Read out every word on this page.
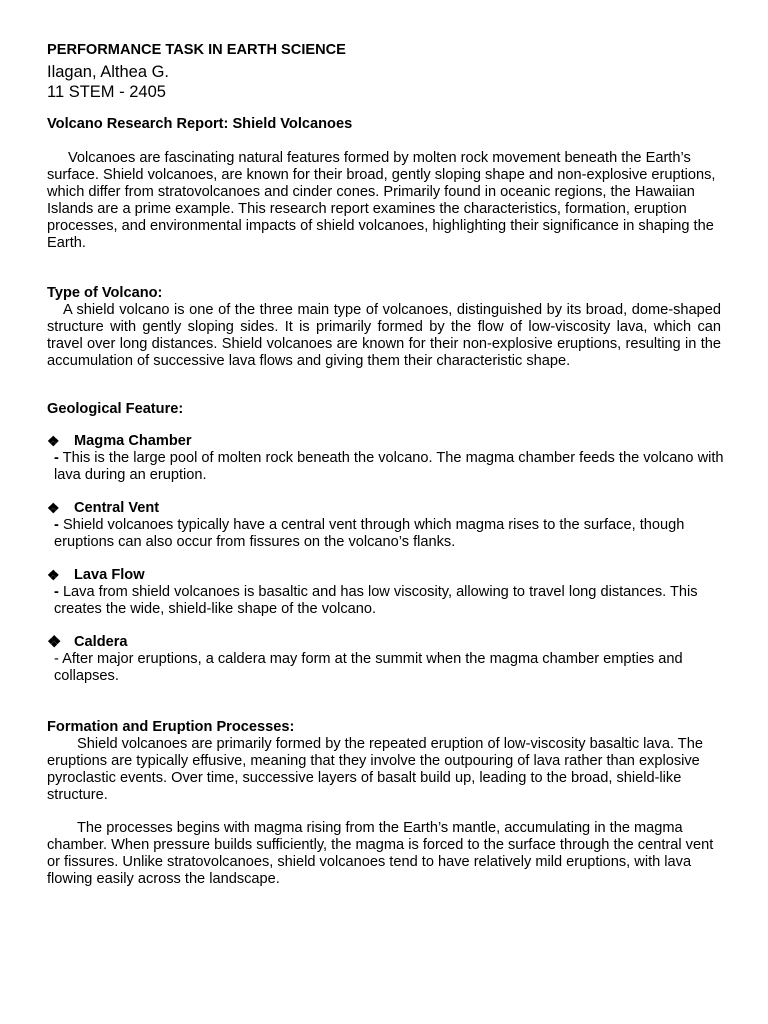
PERFORMANCE TASK IN EARTH SCIENCE
Ilagan, Althea G.
11 STEM - 2405
Volcano Research Report: Shield Volcanoes

Volcanoes are fascinating natural features formed by molten rock movement beneath the Earth’s surface. Shield volcanoes, are known for their broad, gently sloping shape and non-explosive eruptions, which differ from stratovolcanoes and cinder cones. Primarily found in oceanic regions, the Hawaiian Islands are a prime example. This research report examines the characteristics, formation, eruption processes, and environmental impacts of shield volcanoes, highlighting their significance in shaping the Earth.

Type of Volcano:

A shield volcano is one of the three main type of volcanoes, distinguished by its broad, dome-shaped structure with gently sloping sides. It is primarily formed by the flow of low-viscosity lava, which can travel over long distances. Shield volcanoes are known for their non-explosive eruptions, resulting in the accumulation of successive lava flows and giving them their characteristic shape.

Geological Feature:
❖ Magma Chamber

- This is the large pool of molten rock beneath the volcano. The magma chamber feeds the volcano with lava during an eruption.

❖ Central Vent

- Shield volcanoes typically have a central vent through which magma rises to the surface, though eruptions can also occur from fissures on the volcano’s flanks.

❖ Lava Flow

- Lava from shield volcanoes is basaltic and has low viscosity, allowing to travel long distances. This creates the wide, shield-like shape of the volcano.

❖ Caldera

- After major eruptions, a caldera may form at the summit when the magma chamber empties and collapses.

Formation and Eruption Processes:

Shield volcanoes are primarily formed by the repeated eruption of low-viscosity basaltic lava. The eruptions are typically effusive, meaning that they involve the outpouring of lava rather than explosive pyroclastic events. Over time, successive layers of basalt build up, leading to the broad, shield-like structure.

The processes begins with magma rising from the Earth’s mantle, accumulating in the magma chamber. When pressure builds sufficiently, the magma is forced to the surface through the central vent or fissures. Unlike stratovolcanoes, shield volcanoes tend to have relatively mild eruptions, with lava flowing easily across the landscape.
